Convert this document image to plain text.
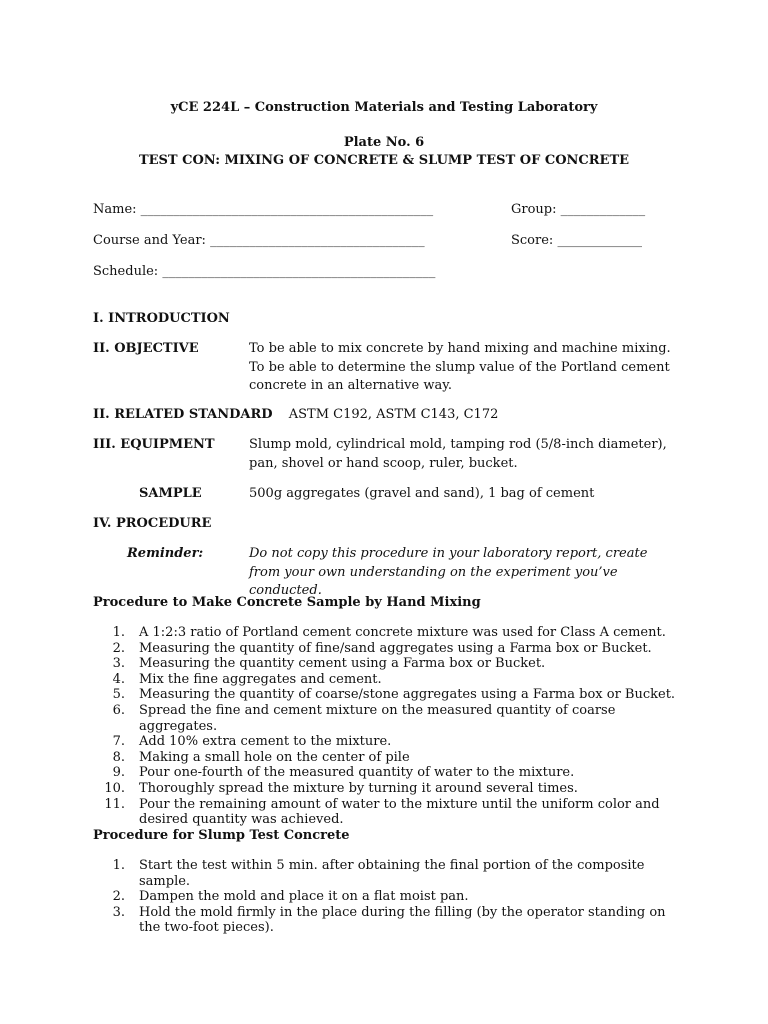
yCE 224L – Construction Materials and Testing Laboratory
Plate No. 6
TEST CON: MIXING OF CONCRETE & SLUMP TEST OF CONCRETE
Name: _____________________________________________	Group: _____________
Course and Year: _________________________________	Score: _____________
Schedule: __________________________________________
I. INTRODUCTION
II. OBJECTIVE	To be able to mix concrete by hand mixing and machine mixing. To be able to determine the slump value of the Portland cement concrete in an alternative way.
II. RELATED STANDARD ASTM C192, ASTM C143, C172
III. EQUIPMENT	Slump mold, cylindrical mold, tamping rod (5/8-inch diameter), pan, shovel or hand scoop, ruler, bucket.
SAMPLE	500g aggregates (gravel and sand), 1 bag of cement
IV. PROCEDURE
Reminder:	Do not copy this procedure in your laboratory report, create from your own understanding on the experiment you’ve conducted.
Procedure to Make Concrete Sample by Hand Mixing
1. A 1:2:3 ratio of Portland cement concrete mixture was used for Class A cement.
2. Measuring the quantity of fine/sand aggregates using a Farma box or Bucket.
3. Measuring the quantity cement using a Farma box or Bucket.
4. Mix the fine aggregates and cement.
5. Measuring the quantity of coarse/stone aggregates using a Farma box or Bucket.
6. Spread the fine and cement mixture on the measured quantity of coarse aggregates.
7. Add 10% extra cement to the mixture.
8. Making a small hole on the center of pile
9. Pour one-fourth of the measured quantity of water to the mixture.
10. Thoroughly spread the mixture by turning it around several times.
11. Pour the remaining amount of water to the mixture until the uniform color and desired quantity was achieved.
Procedure for Slump Test Concrete
1. Start the test within 5 min. after obtaining the final portion of the composite sample.
2. Dampen the mold and place it on a flat moist pan.
3. Hold the mold firmly in the place during the filling (by the operator standing on the two-foot pieces).
